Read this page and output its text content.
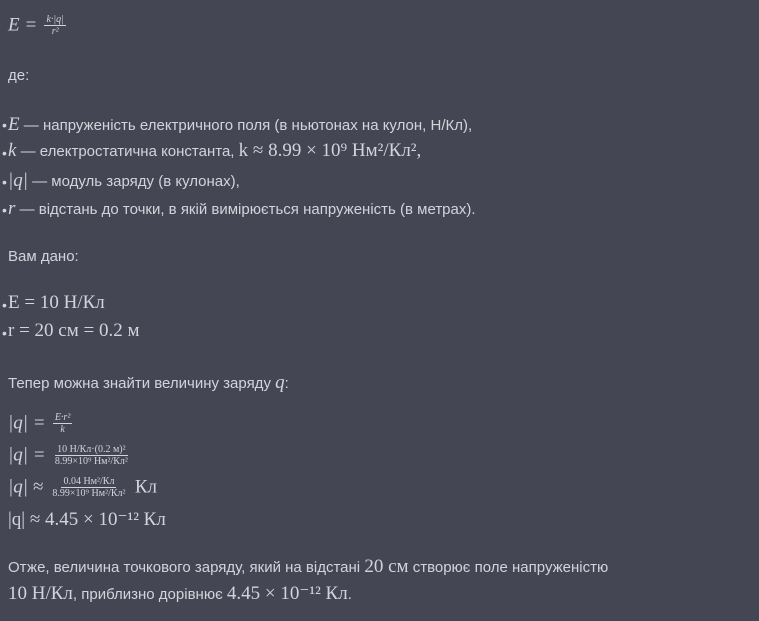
$E = \frac{k\cdot|q|}{\text{r²}}$
де:
• E — напруженість електричного поля (в ньютонах на кулон, Н/Кл),
• k — електростатична константа, k ≈ 8.99 × 10⁹ Нм²/Кл²,
• |q| — модуль заряду (в кулонах),
• r — відстань до точки, в якій вимірюється напруженість (в метрах).
Вам дано:
• E = 10 Н/Кл
• r = 20 см = 0.2 м
Тепер можна знайти величину заряду q:
$|q| = \frac{\text{E·r²}}{k}$
$|q| = \frac{\text{10 Н/Кл·(0.2 м)²}}{\text{8.99×10⁹ Нм²/Кл²}}$
$|q| \approx \frac{\text{0.04 Нм²/Кл}}{\text{8.99×10⁹ Нм²/Кл²}}$ Кл
|q| ≈ 4.45 × 10⁻¹² Кл
Отже, величина точкового заряду, який на відстані 20 см створює поле напруженістю
10 Н/Кл, приблизно дорівнює 4.45 × 10⁻¹² Кл.
